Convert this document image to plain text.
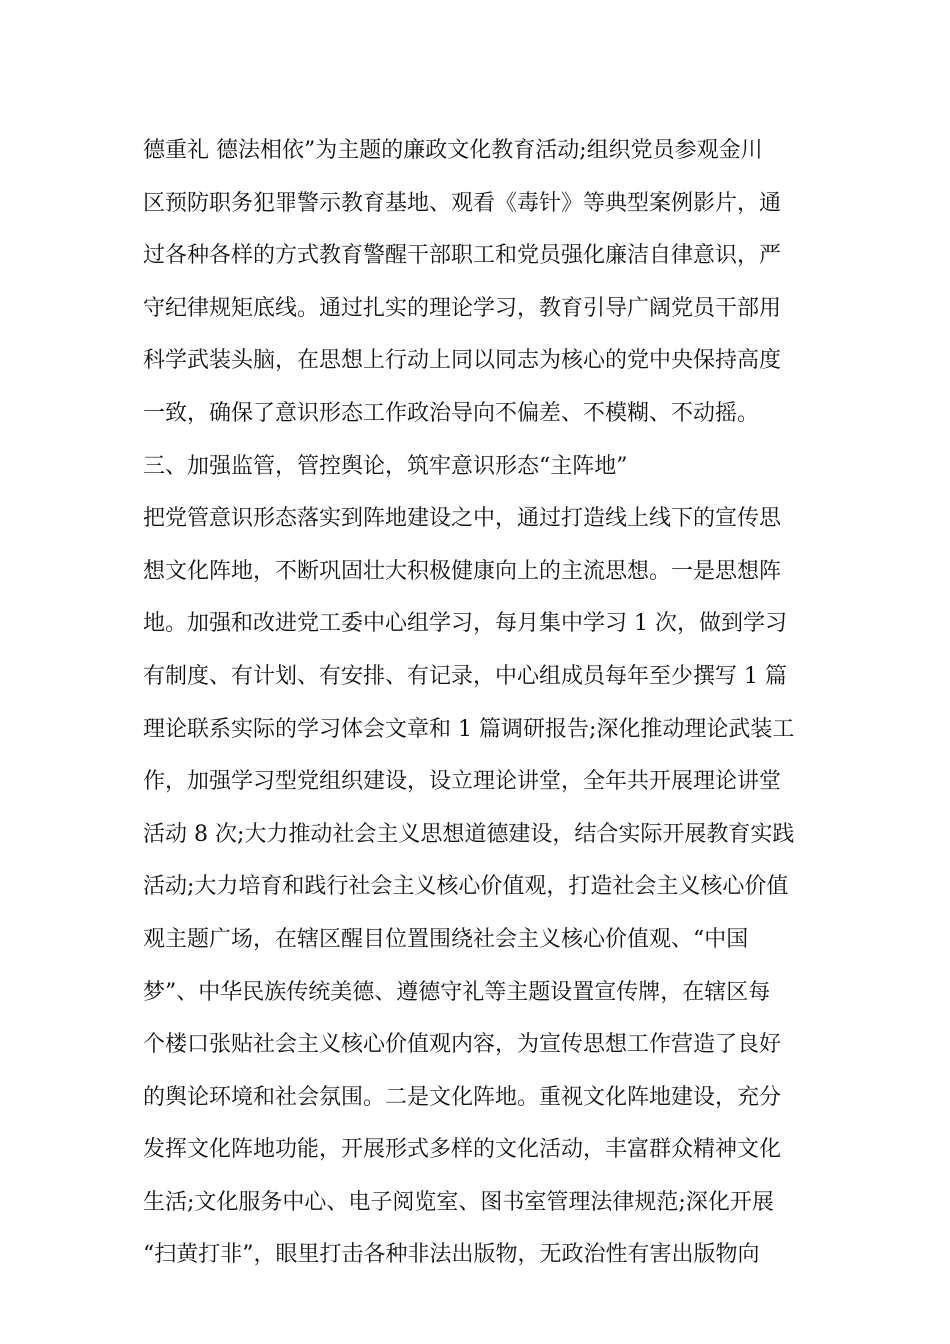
德重礼 德法相依”为主题的廉政文化教育活动;组织党员参观金川
区预防职务犯罪警示教育基地、观看《毒针》等典型案例影片，通
过各种各样的方式教育警醒干部职工和党员强化廉洁自律意识，严
守纪律规矩底线。通过扎实的理论学习，教育引导广阔党员干部用
科学武装头脑，在思想上行动上同以同志为核心的党中央保持高度
一致，确保了意识形态工作政治导向不偏差、不模糊、不动摇。
三、加强监管，管控舆论，筑牢意识形态“主阵地”
把党管意识形态落实到阵地建设之中，通过打造线上线下的宣传思
想文化阵地，不断巩固壮大积极健康向上的主流思想。一是思想阵
地。加强和改进党工委中心组学习，每月集中学习 1 次，做到学习
有制度、有计划、有安排、有记录，中心组成员每年至少撰写 1 篇
理论联系实际的学习体会文章和 1 篇调研报告;深化推动理论武装工
作，加强学习型党组织建设，设立理论讲堂，全年共开展理论讲堂
活动 8 次;大力推动社会主义思想道德建设，结合实际开展教育实践
活动;大力培育和践行社会主义核心价值观，打造社会主义核心价值
观主题广场，在辖区醒目位置围绕社会主义核心价值观、“中国
梦”、中华民族传统美德、遵德守礼等主题设置宣传牌，在辖区每
个楼口张贴社会主义核心价值观内容，为宣传思想工作营造了良好
的舆论环境和社会氛围。二是文化阵地。重视文化阵地建设，充分
发挥文化阵地功能，开展形式多样的文化活动，丰富群众精神文化
生活;文化服务中心、电子阅览室、图书室管理法律规范;深化开展
“扫黄打非”，眼里打击各种非法出版物，无政治性有害出版物向
